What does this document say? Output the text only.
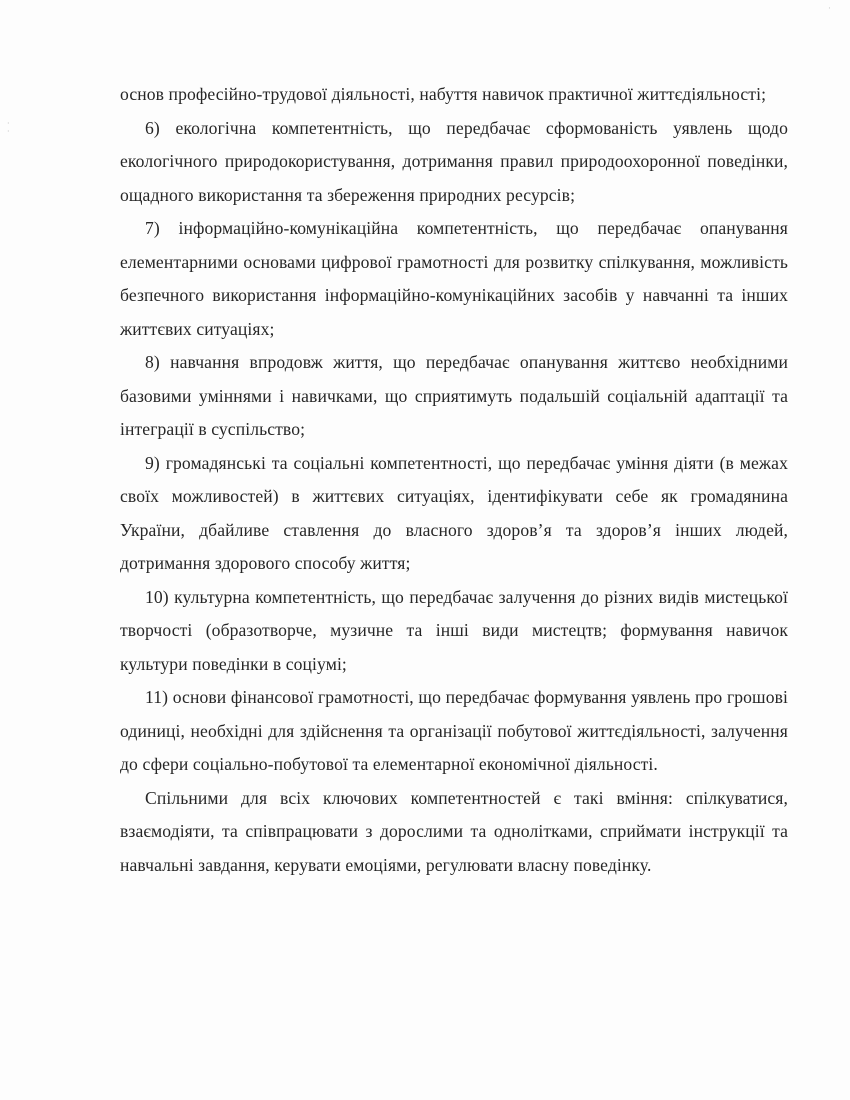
· ·
·

основ професійно-трудової діяльності, набуття навичок практичної життєдіяльності;

6) екологічна компетентність, що передбачає сформованість уявлень щодо екологічного природокористування, дотримання правил природоохоронної поведінки, ощадного використання та збереження природних ресурсів;

7) інформаційно-комунікаційна компетентність, що передбачає опанування елементарними основами цифрової грамотності для розвитку спілкування, можливість безпечного використання інформаційно-комунікаційних засобів у навчанні та інших життєвих ситуаціях;

8) навчання впродовж життя, що передбачає опанування життєво необхідними базовими уміннями і навичками, що сприятимуть подальшій соціальній адаптації та інтеграції в суспільство;

9) громадянські та соціальні компетентності, що передбачає уміння діяти (в межах своїх можливостей) в життєвих ситуаціях, ідентифікувати себе як громадянина України, дбайливе ставлення до власного здоров’я та здоров’я інших людей, дотримання здорового способу життя;

10) культурна компетентність, що передбачає залучення до різних видів мистецької творчості (образотворче, музичне та інші види мистецтв; формування навичок культури поведінки в соціумі;

11) основи фінансової грамотності, що передбачає формування уявлень про грошові одиниці, необхідні для здійснення та організації побутової життєдіяльності, залучення до сфери соціально-побутової та елементарної економічної діяльності.

Спільними для всіх ключових компетентностей є такі вміння: спілкуватися, взаємодіяти, та співпрацювати з дорослими та однолітками, сприймати інструкції та навчальні завдання, керувати емоціями, регулювати власну поведінку.
